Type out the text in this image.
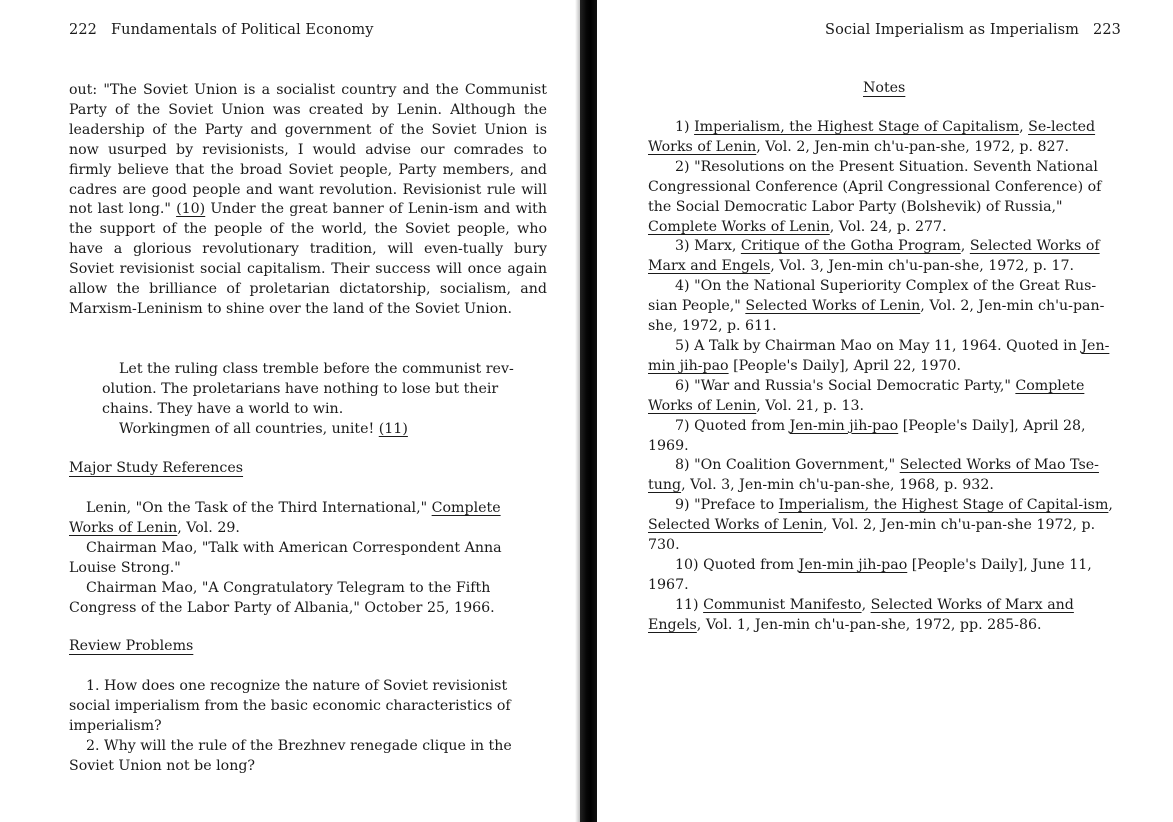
222 Fundamentals of Political Economy

out: "The Soviet Union is a socialist country and the Communist Party of the Soviet Union was created by Lenin. Although the leadership of the Party and government of the Soviet Union is now usurped by revisionists, I would advise our comrades to firmly believe that the broad Soviet people, Party members, and cadres are good people and want revolution. Revisionist rule will not last long." (10) Under the great banner of Lenin-ism and with the support of the people of the world, the Soviet people, who have a glorious revolutionary tradition, will even-tually bury Soviet revisionist social capitalism. Their success will once again allow the brilliance of proletarian dictatorship, socialism, and Marxism-Leninism to shine over the land of the Soviet Union.

Let the ruling class tremble before the communist rev-olution. The proletarians have nothing to lose but their chains. They have a world to win.

Workingmen of all countries, unite! (11)

Major Study References

Lenin, "On the Task of the Third International," Complete Works of Lenin, Vol. 29.

Chairman Mao, "Talk with American Correspondent Anna Louise Strong."

Chairman Mao, "A Congratulatory Telegram to the Fifth Congress of the Labor Party of Albania," October 25, 1966.

Review Problems

1. How does one recognize the nature of Soviet revisionist social imperialism from the basic economic characteristics of imperialism?

2. Why will the rule of the Brezhnev renegade clique in the Soviet Union not be long?

Social Imperialism as Imperialism 223
Notes

1) Imperialism, the Highest Stage of Capitalism, Se-lected Works of Lenin, Vol. 2, Jen-min ch'u-pan-she, 1972, p. 827.

2) "Resolutions on the Present Situation. Seventh National Congressional Conference (April Congressional Conference) of the Social Democratic Labor Party (Bolshevik) of Russia," Complete Works of Lenin, Vol. 24, p. 277.

3) Marx, Critique of the Gotha Program, Selected Works of Marx and Engels, Vol. 3, Jen-min ch'u-pan-she, 1972, p. 17.

4) "On the National Superiority Complex of the Great Rus-sian People," Selected Works of Lenin, Vol. 2, Jen-min ch'u-pan-she, 1972, p. 611.

5) A Talk by Chairman Mao on May 11, 1964. Quoted in Jen-min jih-pao [People's Daily], April 22, 1970.

6) "War and Russia's Social Democratic Party," Complete Works of Lenin, Vol. 21, p. 13.

7) Quoted from Jen-min jih-pao [People's Daily], April 28, 1969.

8) "On Coalition Government," Selected Works of Mao Tse-tung, Vol. 3, Jen-min ch'u-pan-she, 1968, p. 932.

9) "Preface to Imperialism, the Highest Stage of Capital-ism, Selected Works of Lenin, Vol. 2, Jen-min ch'u-pan-she 1972, p. 730.

10) Quoted from Jen-min jih-pao [People's Daily], June 11, 1967.

11) Communist Manifesto, Selected Works of Marx and Engels, Vol. 1, Jen-min ch'u-pan-she, 1972, pp. 285-86.
